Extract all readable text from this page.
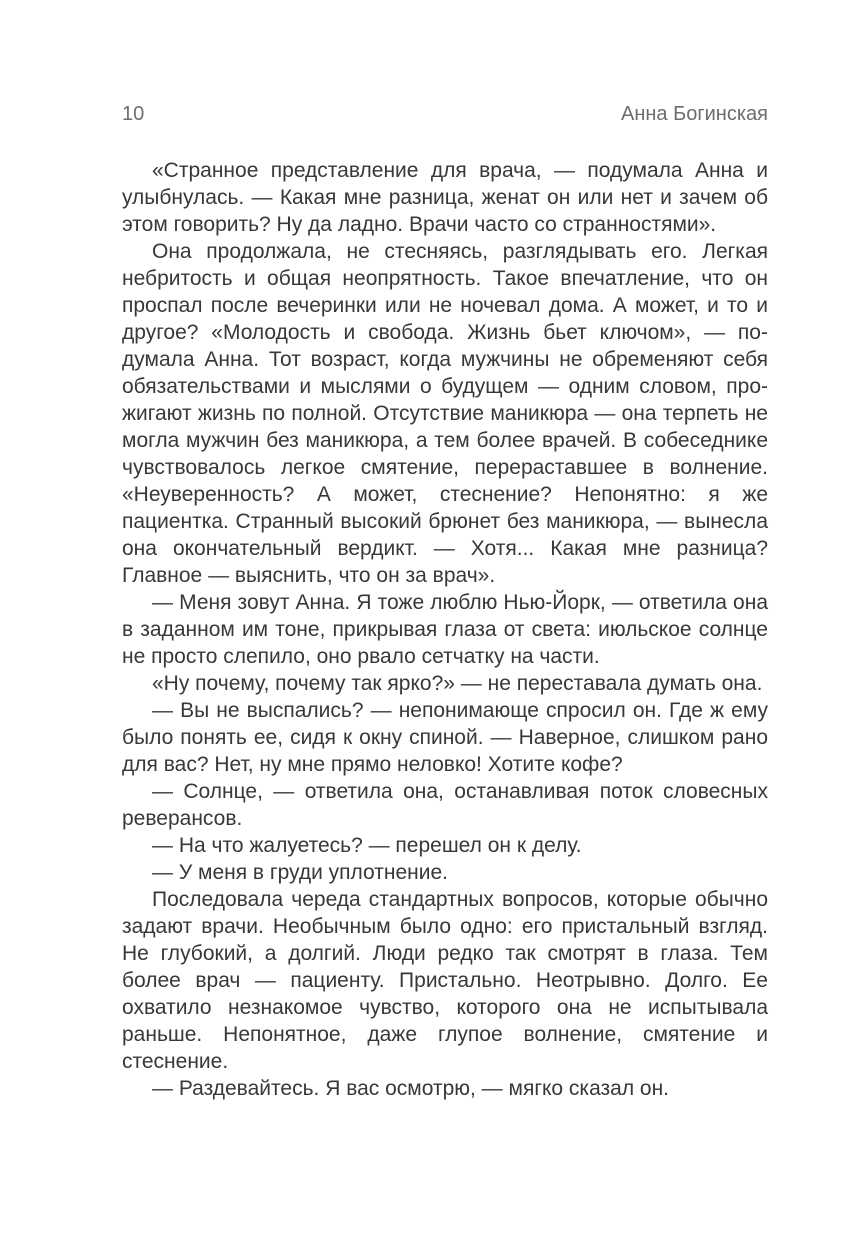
10	Анна Богинская

«Странное представление для врача, — подумала Анна и улыбнулась. — Какая мне разница, женат он или нет и зачем об этом говорить? Ну да ладно. Врачи часто со странностями».

Она продолжала, не стесняясь, разглядывать его. Легкая небритость и общая неопрятность. Такое впечатление, что он проспал после вечеринки или не ночевал дома. А может, и то и другое? «Молодость и свобода. Жизнь бьет ключом», — подумала Анна. Тот возраст, когда мужчины не обременяют себя обязательствами и мыслями о будущем — одним словом, прожигают жизнь по полной. Отсутствие маникюра — она терпеть не могла мужчин без маникюра, а тем более врачей. В собеседнике чувствовалось легкое смятение, перераставшее в волнение. «Неуверенность? А может, стеснение? Непонятно: я же пациентка. Странный высокий брюнет без маникюра, — вынесла она окончательный вердикт. — Хотя... Какая мне разница? Главное — выяснить, что он за врач».

— Меня зовут Анна. Я тоже люблю Нью-Йорк, — ответила она в заданном им тоне, прикрывая глаза от света: июльское солнце не просто слепило, оно рвало сетчатку на части.

«Ну почему, почему так ярко?» — не переставала думать она.

— Вы не выспались? — непонимающе спросил он. Где ж ему было понять ее, сидя к окну спиной. — Наверное, слишком рано для вас? Нет, ну мне прямо неловко! Хотите кофе?

— Солнце, — ответила она, останавливая поток словесных реверансов.

— На что жалуетесь? — перешел он к делу.

— У меня в груди уплотнение.

Последовала череда стандартных вопросов, которые обычно задают врачи. Необычным было одно: его пристальный взгляд. Не глубокий, а долгий. Люди редко так смотрят в глаза. Тем более врач — пациенту. Пристально. Неотрывно. Долго. Ее охватило незнакомое чувство, которого она не испытывала раньше. Непонятное, даже глупое волнение, смятение и стеснение.

— Раздевайтесь. Я вас осмотрю, — мягко сказал он.
